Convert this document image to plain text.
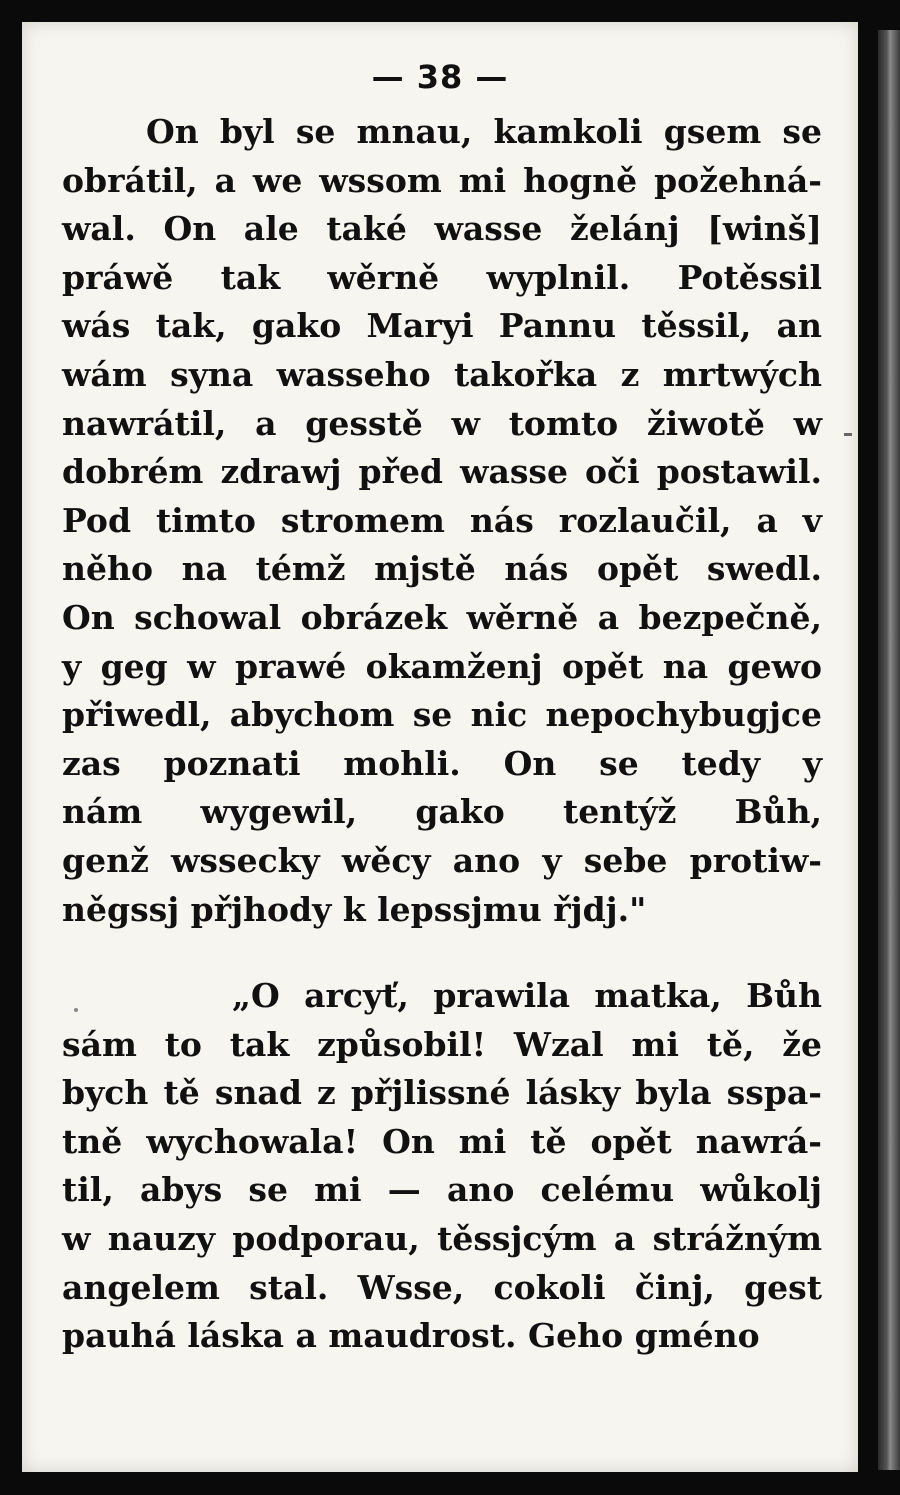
— 38 —
On byl se mnau, kamkoli gsem se
obrátil, a we wssom mi hogně požehná-
wal. On ale také wasse želánj [winš]
práwě tak wěrně wyplnil. Potěssil
wás tak, gako Maryi Pannu těssil, an
wám syna wasseho takořka z mrtwých
nawrátil, a gesstě w tomto žiwotě w
dobrém zdrawj před wasse oči postawil.
Pod timto stromem nás rozlaučil, a v
něho na témž mjstě nás opět swedl.
On schowal obrázek wěrně a bezpečně,
y geg w prawé okamženj opět na gewo
přiwedl, abychom se nic nepochybugjce
zas poznati mohli. On se tedy y
nám wygewil, gako tentýž Bůh,
genž wssecky wěcy ano y sebe protiw-
něgssj přjhody k lepssjmu řjdj."
„O arcyť, prawila matka, Bůh
sám to tak způsobil! Wzal mi tě, že
bych tě snad z přjlissné lásky byla sspa-
tně wychowala! On mi tě opět nawrá-
til, abys se mi — ano celému wůkolj
w nauzy podporau, těssjcým a strážným
angelem stal. Wsse, cokoli činj, gest
pauhá láska a maudrost. Geho gméno
